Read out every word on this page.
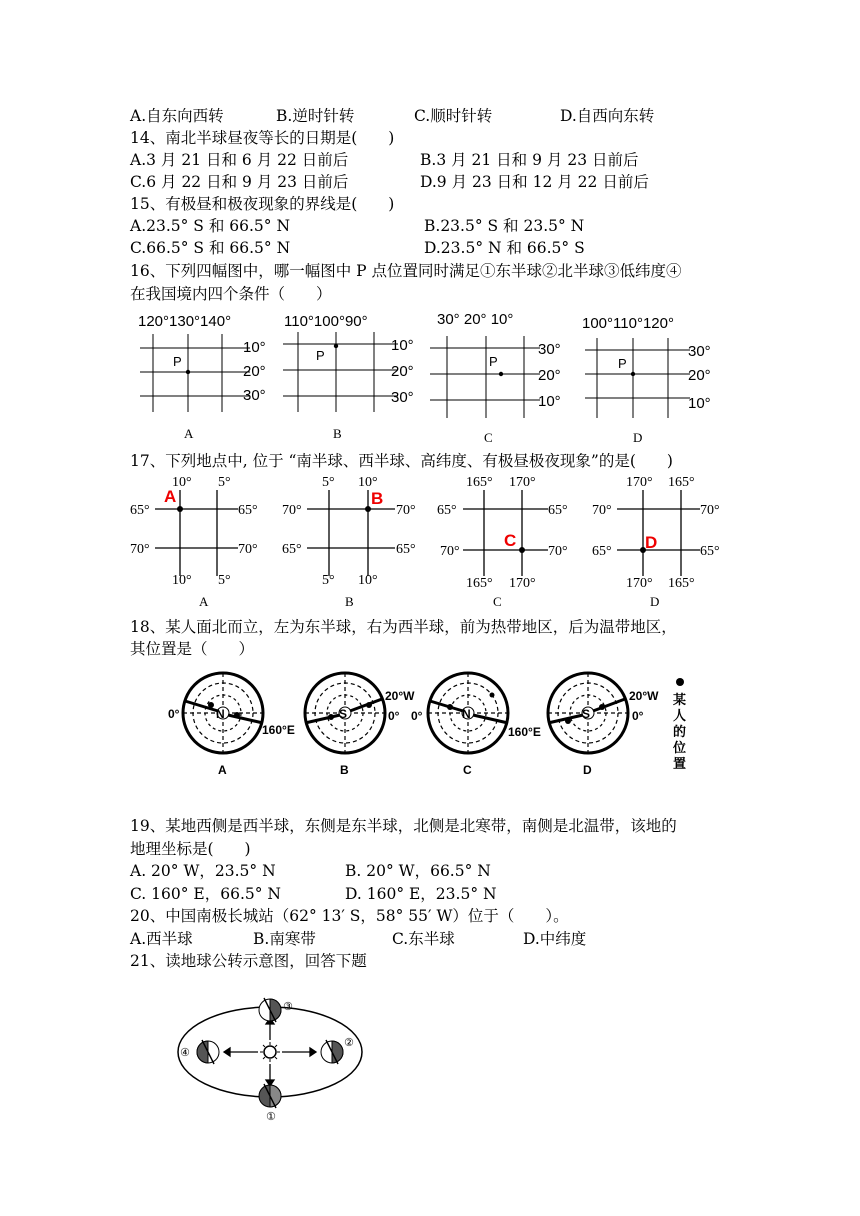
A.自东向西转	B.逆时针转	C.顺时针转	D.自西向东转
14、南北半球昼夜等长的日期是(　　)
A.3 月 21 日和 6 月 22 日前后	B.3 月 21 日和 9 月 23 日前后
C.6 月 22 日和 9 月 23 日前后	D.9 月 23 日和 12 月 22 日前后
15、有极昼和极夜现象的界线是(　　)
A.23.5° S 和 66.5° N	B.23.5° S 和 23.5° N
C.66.5° S 和 66.5° N	D.23.5° N 和 66.5° S
16、下列四幅图中，哪一幅图中 P 点位置同时满足①东半球②北半球③低纬度④
在我国境内四个条件（　　）
120°130°140°
10°
20°
30°
P
A
110°100°90°
10°
20°
30°
P
B
30° 20° 10°
30°
20°
10°
P
C
100°110°120°
30°
20°
10°
P
D
17、下列地点中, 位于 “南半球、西半球、高纬度、有极昼极夜现象”的是(　　)
10° 5°
65°
70°
65°
70°
10° 5°
A
A
5° 10°
70°
65°
70°
65°
5° 10°
B
B
165° 170°
65°
70°
65°
70°
165° 170°
C
C
170° 165°
70°
65°
70°
65°
170° 165°
D
D
18、某人面北而立，左为东半球，右为西半球，前为热带地区，后为温带地区，
其位置是（　　）
N
0°
160°E
A
S
20°W
0°
B
N
0°
160°E
C
S
20°W
0°
D
某
人
的
位
置
19、某地西侧是西半球，东侧是东半球，北侧是北寒带，南侧是北温带，该地的
地理坐标是(　　)
A. 20° W，23.5° N	B. 20° W，66.5° N
C. 160° E，66.5° N	D. 160° E，23.5° N
20、中国南极长城站（62° 13′ S，58° 55′ W）位于（　　）。
A.西半球	B.南寒带	C.东半球	D.中纬度
21、读地球公转示意图，回答下题
①
②
③
④
